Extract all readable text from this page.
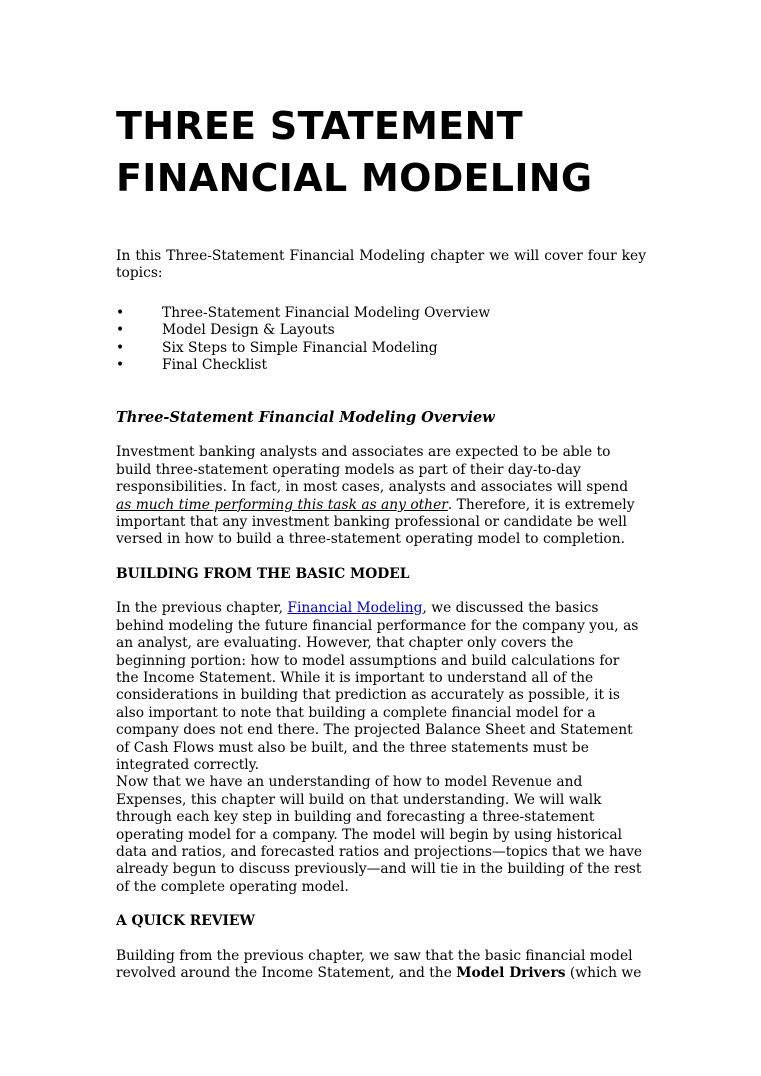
THREE STATEMENT
FINANCIAL MODELING

In this Three-Statement Financial Modeling chapter we will cover four key topics:

•	Three-Statement Financial Modeling Overview
•	Model Design & Layouts
•	Six Steps to Simple Financial Modeling
•	Final Checklist
Three-Statement Financial Modeling Overview

Investment banking analysts and associates are expected to be able to build three-statement operating models as part of their day-to-day responsibilities. In fact, in most cases, analysts and associates will spend as much time performing this task as any other. Therefore, it is extremely important that any investment banking professional or candidate be well versed in how to build a three-statement operating model to completion.

BUILDING FROM THE BASIC MODEL

In the previous chapter, Financial Modeling, we discussed the basics behind modeling the future financial performance for the company you, as an analyst, are evaluating. However, that chapter only covers the beginning portion: how to model assumptions and build calculations for the Income Statement. While it is important to understand all of the considerations in building that prediction as accurately as possible, it is also important to note that building a complete financial model for a company does not end there. The projected Balance Sheet and Statement of Cash Flows must also be built, and the three statements must be integrated correctly.

Now that we have an understanding of how to model Revenue and Expenses, this chapter will build on that understanding. We will walk through each key step in building and forecasting a three-statement operating model for a company. The model will begin by using historical data and ratios, and forecasted ratios and projections—topics that we have already begun to discuss previously—and will tie in the building of the rest of the complete operating model.

A QUICK REVIEW

Building from the previous chapter, we saw that the basic financial model revolved around the Income Statement, and the Model Drivers (which we
